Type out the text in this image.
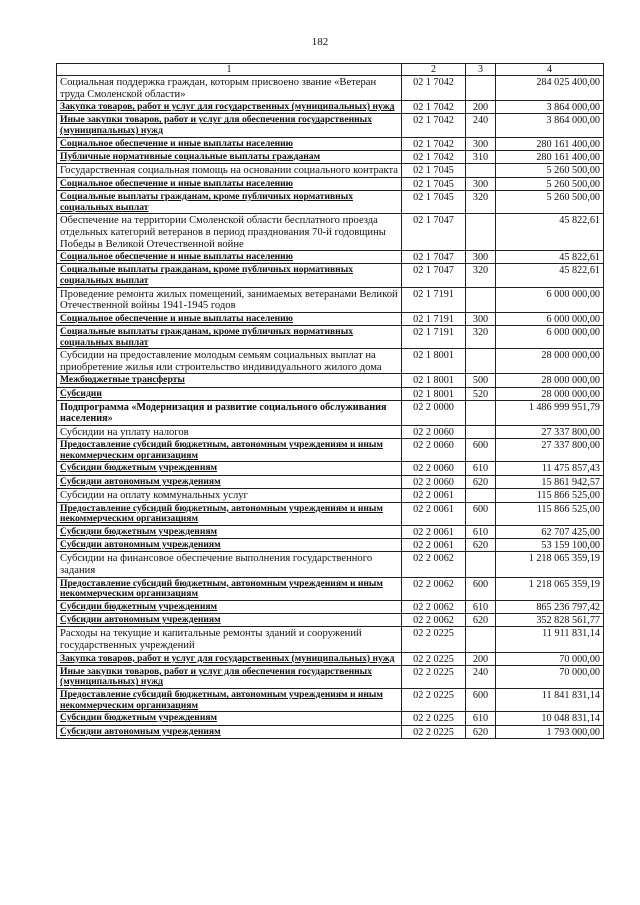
182
1	2	3	4
Социальная поддержка граждан, которым присвоено звание «Ветеран труда Смоленской области»	02 1 7042		284 025 400,00
Закупка товаров, работ и услуг для государственных (муниципальных) нужд	02 1 7042	200	3 864 000,00
Иные закупки товаров, работ и услуг для обеспечения государственных (муниципальных) нужд	02 1 7042	240	3 864 000,00
Социальное обеспечение и иные выплаты населению	02 1 7042	300	280 161 400,00
Публичные нормативные социальные выплаты гражданам	02 1 7042	310	280 161 400,00
Государственная социальная помощь на основании социального контракта	02 1 7045		5 260 500,00
Социальное обеспечение и иные выплаты населению	02 1 7045	300	5 260 500,00
Социальные выплаты гражданам, кроме публичных нормативных социальных выплат	02 1 7045	320	5 260 500,00
Обеспечение на территории Смоленской области бесплатного проезда отдельных категорий ветеранов в период празднования 70-й годовщины Победы в Великой Отечественной войне	02 1 7047		45 822,61
Социальное обеспечение и иные выплаты населению	02 1 7047	300	45 822,61
Социальные выплаты гражданам, кроме публичных нормативных социальных выплат	02 1 7047	320	45 822,61
Проведение ремонта жилых помещений, занимаемых ветеранами Великой Отечественной войны 1941-1945 годов	02 1 7191		6 000 000,00
Социальное обеспечение и иные выплаты населению	02 1 7191	300	6 000 000,00
Социальные выплаты гражданам, кроме публичных нормативных социальных выплат	02 1 7191	320	6 000 000,00
Субсидии на предоставление молодым семьям социальных выплат на приобретение жилья или строительство индивидуального жилого дома	02 1 8001		28 000 000,00
Межбюджетные трансферты	02 1 8001	500	28 000 000,00
Субсидии	02 1 8001	520	28 000 000,00
Подпрограмма «Модернизация и развитие социального обслуживания населения»	02 2 0000		1 486 999 951,79
Субсидии на уплату налогов	02 2 0060		27 337 800,00
Предоставление субсидий бюджетным, автономным учреждениям и иным некоммерческим организациям	02 2 0060	600	27 337 800,00
Субсидии бюджетным учреждениям	02 2 0060	610	11 475 857,43
Субсидии автономным учреждениям	02 2 0060	620	15 861 942,57
Субсидии на оплату коммунальных услуг	02 2 0061		115 866 525,00
Предоставление субсидий бюджетным, автономным учреждениям и иным некоммерческим организациям	02 2 0061	600	115 866 525,00
Субсидии бюджетным учреждениям	02 2 0061	610	62 707 425,00
Субсидии автономным учреждениям	02 2 0061	620	53 159 100,00
Субсидии на финансовое обеспечение выполнения государственного задания	02 2 0062		1 218 065 359,19
Предоставление субсидий бюджетным, автономным учреждениям и иным некоммерческим организациям	02 2 0062	600	1 218 065 359,19
Субсидии бюджетным учреждениям	02 2 0062	610	865 236 797,42
Субсидии автономным учреждениям	02 2 0062	620	352 828 561,77
Расходы на текущие и капитальные ремонты зданий и сооружений государственных учреждений	02 2 0225		11 911 831,14
Закупка товаров, работ и услуг для государственных (муниципальных) нужд	02 2 0225	200	70 000,00
Иные закупки товаров, работ и услуг для обеспечения государственных (муниципальных) нужд	02 2 0225	240	70 000,00
Предоставление субсидий бюджетным, автономным учреждениям и иным некоммерческим организациям	02 2 0225	600	11 841 831,14
Субсидии бюджетным учреждениям	02 2 0225	610	10 048 831,14
Субсидии автономным учреждениям	02 2 0225	620	1 793 000,00
